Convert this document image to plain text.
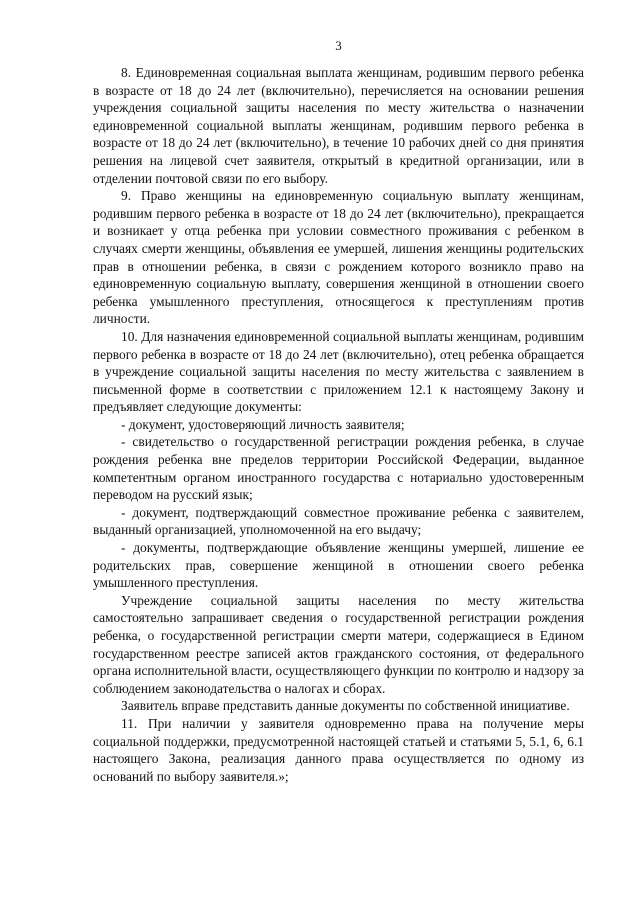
3

8. Единовременная социальная выплата женщинам, родившим первого ребенка в возрасте от 18 до 24 лет (включительно), перечисляется на основании решения учреждения социальной защиты населения по месту жительства о назначении единовременной социальной выплаты женщинам, родившим первого ребенка в возрасте от 18 до 24 лет (включительно), в течение 10 рабочих дней со дня принятия решения на лицевой счет заявителя, открытый в кредитной организации, или в отделении почтовой связи по его выбору.

9. Право женщины на единовременную социальную выплату женщинам, родившим первого ребенка в возрасте от 18 до 24 лет (включительно), прекращается и возникает у отца ребенка при условии совместного проживания с ребенком в случаях смерти женщины, объявления ее умершей, лишения женщины родительских прав в отношении ребенка, в связи с рождением которого возникло право на единовременную социальную выплату, совершения женщиной в отношении своего ребенка умышленного преступления, относящегося к преступлениям против личности.

10. Для назначения единовременной социальной выплаты женщинам, родившим первого ребенка в возрасте от 18 до 24 лет (включительно), отец ребенка обращается в учреждение социальной защиты населения по месту жительства с заявлением в письменной форме в соответствии с приложением 12.1 к настоящему Закону и предъявляет следующие документы:

- документ, удостоверяющий личность заявителя;

- свидетельство о государственной регистрации рождения ребенка, в случае рождения ребенка вне пределов территории Российской Федерации, выданное компетентным органом иностранного государства с нотариально удостоверенным переводом на русский язык;

- документ, подтверждающий совместное проживание ребенка с заявителем, выданный организацией, уполномоченной на его выдачу;

- документы, подтверждающие объявление женщины умершей, лишение ее родительских прав, совершение женщиной в отношении своего ребенка умышленного преступления.

Учреждение социальной защиты населения по месту жительства самостоятельно запрашивает сведения о государственной регистрации рождения ребенка, о государственной регистрации смерти матери, содержащиеся в Едином государственном реестре записей актов гражданского состояния, от федерального органа исполнительной власти, осуществляющего функции по контролю и надзору за соблюдением законодательства о налогах и сборах.

Заявитель вправе представить данные документы по собственной инициативе.

11. При наличии у заявителя одновременно права на получение меры социальной поддержки, предусмотренной настоящей статьей и статьями 5, 5.1, 6, 6.1 настоящего Закона, реализация данного права осуществляется по одному из оснований по выбору заявителя.»;
